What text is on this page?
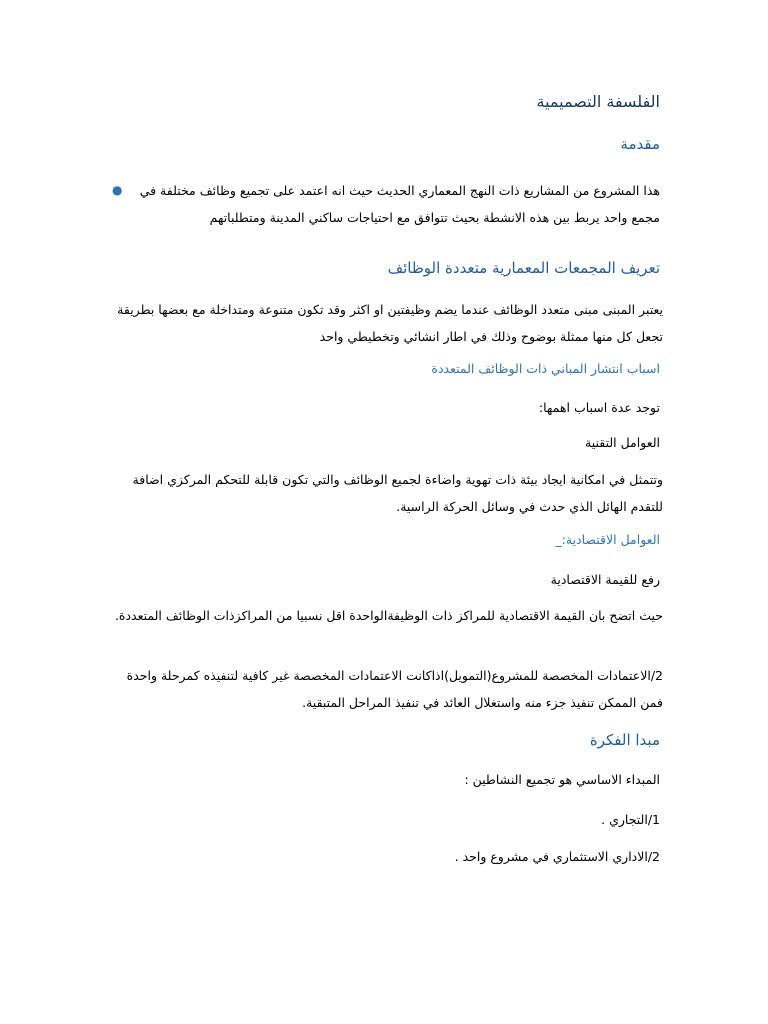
الفلسفة التصميمية
مقدمة
●	هذا المشروع من المشاريع ذات النهج المعماري الحديث حيث انه اعتمد على تجميع وظائف مختلفة في مجمع واحد يربط بين هذه الانشطة بحيث تتوافق مع احتياجات ساكني المدينة ومتطلباتهم
تعريف المجمعات المعمارية متعددة الوظائف
يعتبر المبنى مبنى متعدد الوظائف عندما يضم وظيفتين او اكثر وقد تكون متنوعة ومتداخلة مع بعضها بطريقة تجعل كل منها ممثلة بوضوح وذلك في اطار انشائي وتخطيطي واحد
اسباب انتشار المباني ذات الوظائف المتعددة
توجد عدة اسباب اهمها:
العوامل التقنية
وتتمثل في امكانية ايجاد بيئة ذات تهوية واضاءة لجميع الوظائف والتي تكون قابلة للتحكم المركزي اضافة للتقدم الهائل الذي حدث في وسائل الحركة الراسية.
العوامل الاقتصادية:_
رفع للقيمة الاقتصادية
حيث اتضح بان القيمة الاقتصادية للمراكز ذات الوظيفةالواحدة اقل نسبيا من المراكزذات الوظائف المتعددة.
2/الاعتمادات المخصصة للمشروع(التمويل)اذاكانت الاعتمادات المخصصة غير كافية لتنفيذه كمرحلة واحدة فمن الممكن تنفيذ جزء منه واستغلال العائد في تنفيذ المراحل المتبقية.
مبدا الفكرة
المبداء الاساسي هو تجميع النشاطين :
1/التجاري .
2/الاداري الاستثماري في مشروع واحد .
